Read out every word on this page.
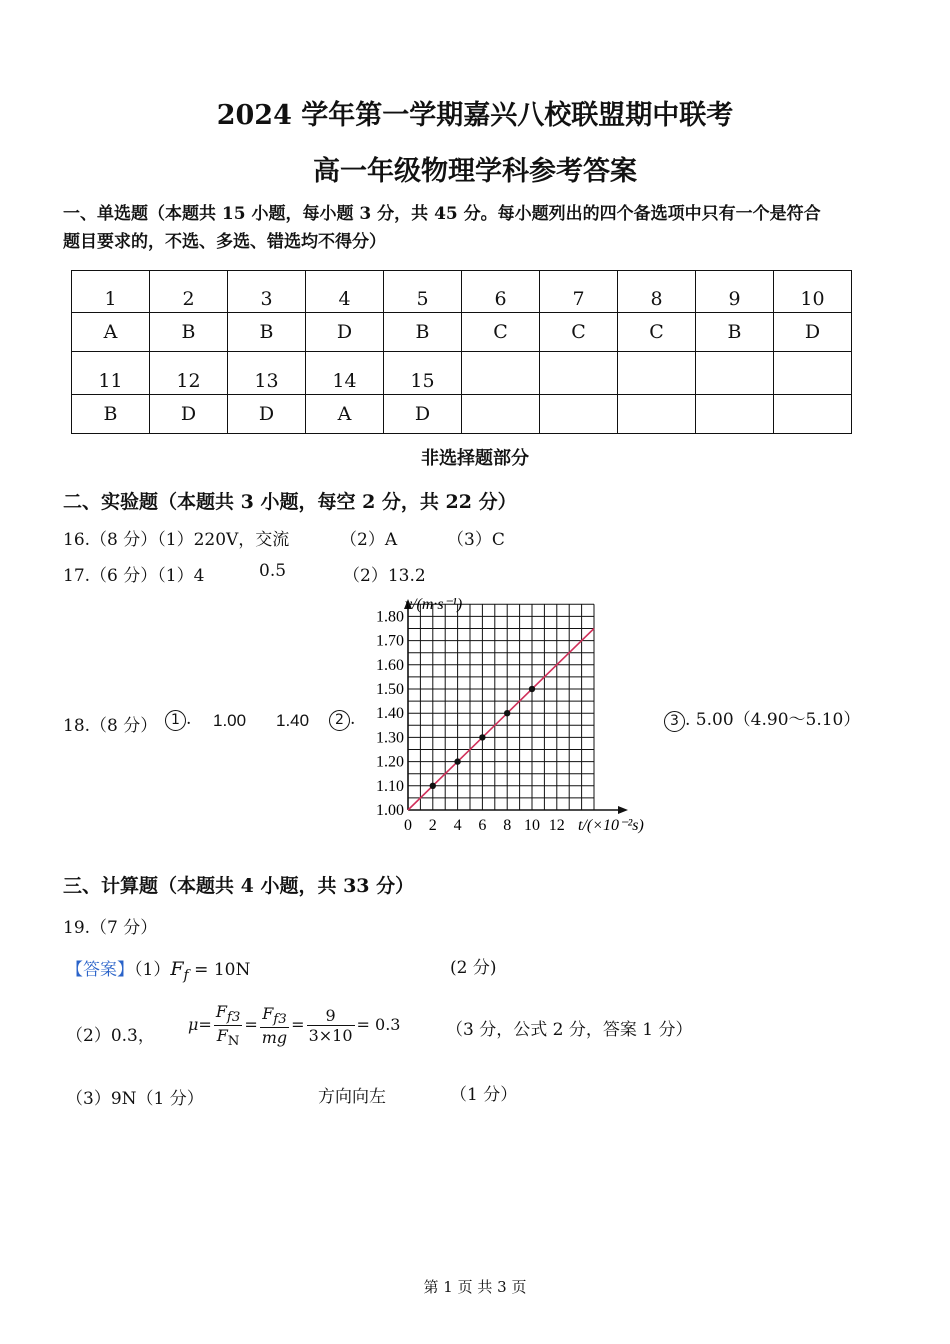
2024 学年第一学期嘉兴八校联盟期中联考
高一年级物理学科参考答案
一、单选题（本题共 15 小题，每小题 3 分，共 45 分。每小题列出的四个备选项中只有一个是符合
题目要求的，不选、多选、错选均不得分）
1	2	3	4	5	6	7	8	9	10
A	B	B	D	B	C	C	C	B	D
11	12	13	14	15					
B	D	D	A	D					
非选择题部分
二、实验题（本题共 3 小题，每空 2 分，共 22 分）
16.（8 分）（1）220V，交流	（2）A	（3）C
17.（6 分）（1）4	0.5	（2）13.2
18.（8 分） 1 . 1.00 1.40	2 .	3 . 5.00（4.90～5.10）
0 2 4 6 8 10 12
1.00
1.10
1.20
1.30
1.40
1.50
1.60
1.70
1.80
v/(m·s⁻¹)
t/(×10⁻²s)
三、计算题（本题共 4 小题，共 33 分）
19.（7 分）
【答案】$(1)F_f = 10N$	(2 分)
（2）0.3，
$\mu= \frac{F_{f3}}{F_N} = \frac{F_{f3}}{mg} = \frac{9}{3\times 10} = 0.3$	（3 分，公式 2 分，答案 1 分）
（3）9N（1 分）	方向向左	（1 分）
第 1 页 共 3 页
